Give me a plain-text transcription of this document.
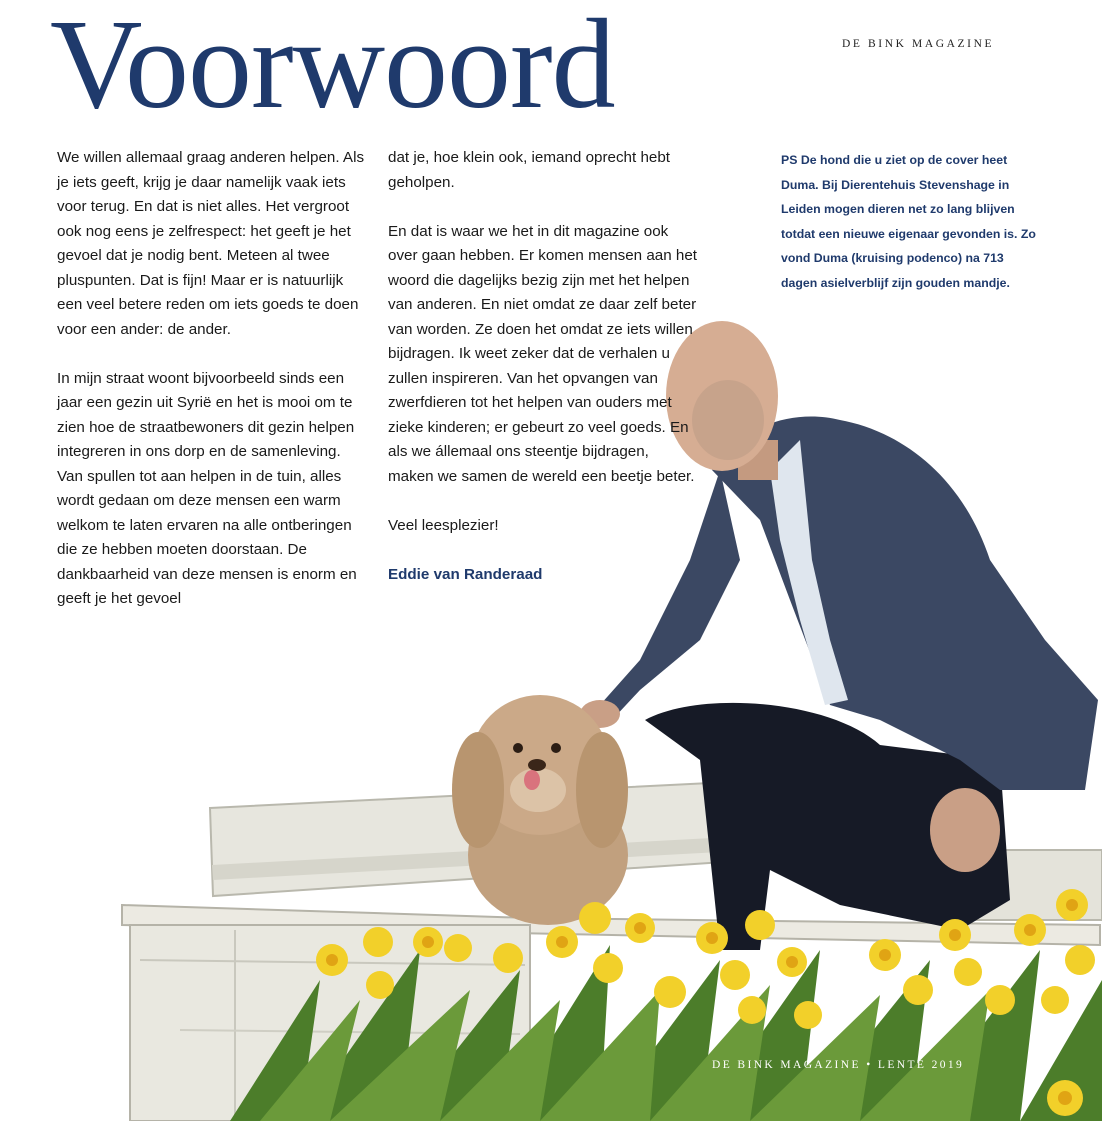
Voorwoord	DE BINK MAGAZINE

We willen allemaal graag anderen helpen. Als je iets geeft, krijg je daar namelijk vaak iets voor terug. En dat is niet alles. Het vergroot ook nog eens je zelfrespect: het geeft je het gevoel dat je nodig bent. Meteen al twee pluspunten. Dat is fijn! Maar er is natuurlijk een veel betere reden om iets goeds te doen voor een ander: de ander.

In mijn straat woont bijvoorbeeld sinds een jaar een gezin uit Syrië en het is mooi om te zien hoe de straatbewoners dit gezin helpen integreren in ons dorp en de samenleving. Van spullen tot aan helpen in de tuin, alles wordt gedaan om deze mensen een warm welkom te laten ervaren na alle ontberingen die ze hebben moeten doorstaan. De dankbaarheid van deze mensen is enorm en geeft je het gevoel

dat je, hoe klein ook, iemand oprecht hebt geholpen.

En dat is waar we het in dit magazine ook over gaan hebben. Er komen mensen aan het woord die dagelijks bezig zijn met het helpen van anderen. En niet omdat ze daar zelf beter van worden. Ze doen het omdat ze iets willen bijdragen. Ik weet zeker dat de verhalen u zullen inspireren. Van het opvangen van zwerfdieren tot het helpen van ouders met zieke kinderen; er gebeurt zo veel goeds. En als we állemaal ons steentje bijdragen, maken we samen de wereld een beetje beter.

Veel leesplezier!

Eddie van Randeraad

PS De hond die u ziet op de cover heet Duma. Bij Dierentehuis Stevenshage in Leiden mogen dieren net zo lang blijven totdat een nieuwe eigenaar gevonden is. Zo vond Duma (kruising podenco) na 713 dagen asielverblijf zijn gouden mandje.
DE BINK MAGAZINE • LENTE 2019
